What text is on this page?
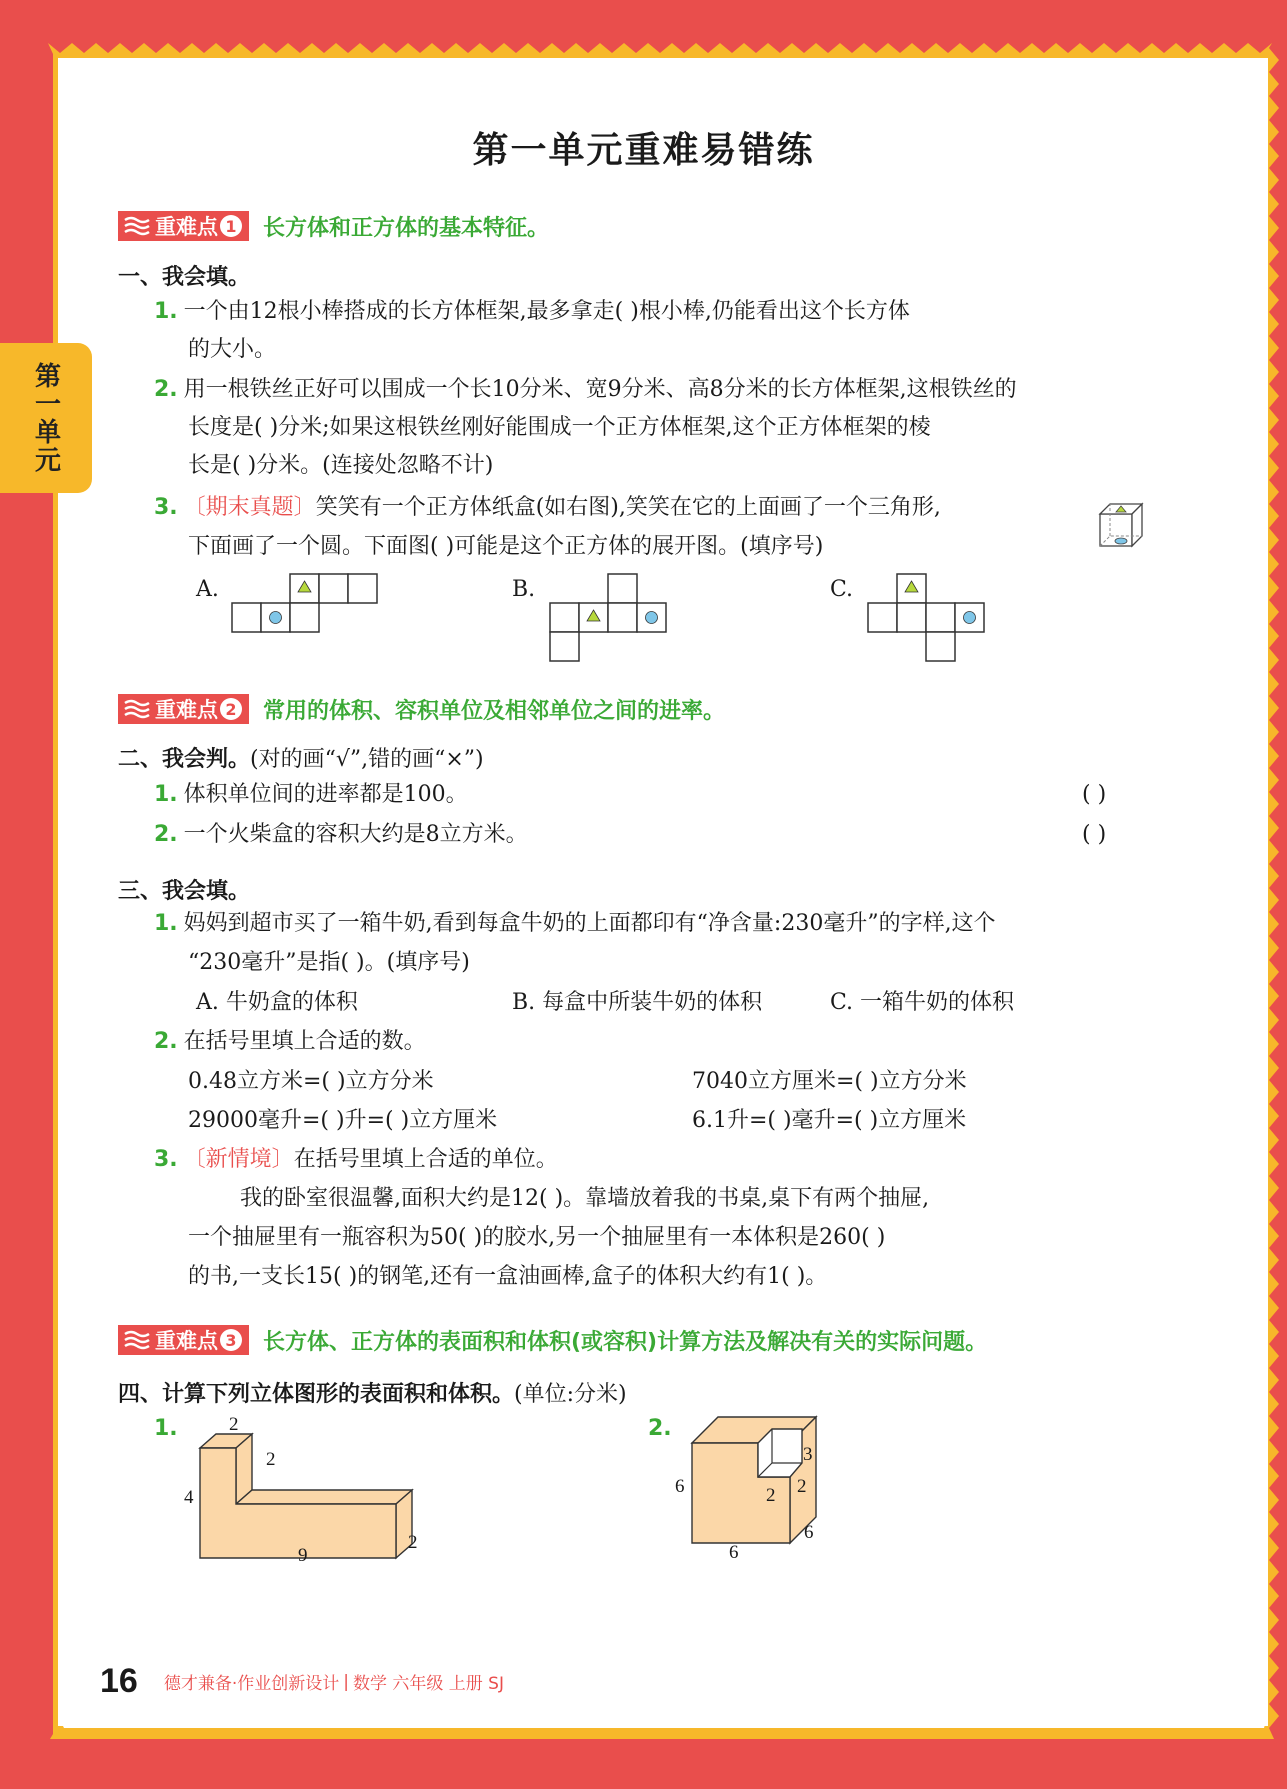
第一单元
第一单元重难易错练
重难点 1 长方体和正方体的基本特征。
一、我会填。
1. 一个由12根小棒搭成的长方体框架,最多拿走( )根小棒,仍能看出这个长方体
的大小。
2. 用一根铁丝正好可以围成一个长10分米、宽9分米、高8分米的长方体框架,这根铁丝的
长度是( )分米;如果这根铁丝刚好能围成一个正方体框架,这个正方体框架的棱
长是( )分米。(连接处忽略不计)
3. 〔期末真题〕笑笑有一个正方体纸盒(如右图),笑笑在它的上面画了一个三角形,
下面画了一个圆。下面图( )可能是这个正方体的展开图。(填序号)
A.	B.	C.
重难点 2 常用的体积、容积单位及相邻单位之间的进率。
二、我会判。(对的画“√”,错的画“×”)
1. 体积单位间的进率都是100。	( )
2. 一个火柴盒的容积大约是8立方米。	( )
三、我会填。
1. 妈妈到超市买了一箱牛奶,看到每盒牛奶的上面都印有“净含量:230毫升”的字样,这个
“230毫升”是指( )。(填序号)
A. 牛奶盒的体积	B. 每盒中所装牛奶的体积	C. 一箱牛奶的体积
2. 在括号里填上合适的数。
0.48立方米=( )立方分米	7040立方厘米=( )立方分米
29000毫升=( )升=( )立方厘米	6.1升=( )毫升=( )立方厘米
3. 〔新情境〕在括号里填上合适的单位。
我的卧室很温馨,面积大约是12( )。靠墙放着我的书桌,桌下有两个抽屉,
一个抽屉里有一瓶容积为50( )的胶水,另一个抽屉里有一本体积是260( )
的书,一支长15( )的钢笔,还有一盒油画棒,盒子的体积大约有1( )。
重难点 3 长方体、正方体的表面积和体积(或容积)计算方法及解决有关的实际问题。
四、计算下列立体图形的表面积和体积。(单位:分米)
1.	2
2
4
9
2
2.
6	2 2
3
6
6
16 德才兼备·作业创新设计 | 数学 六年级 上册 SJ
